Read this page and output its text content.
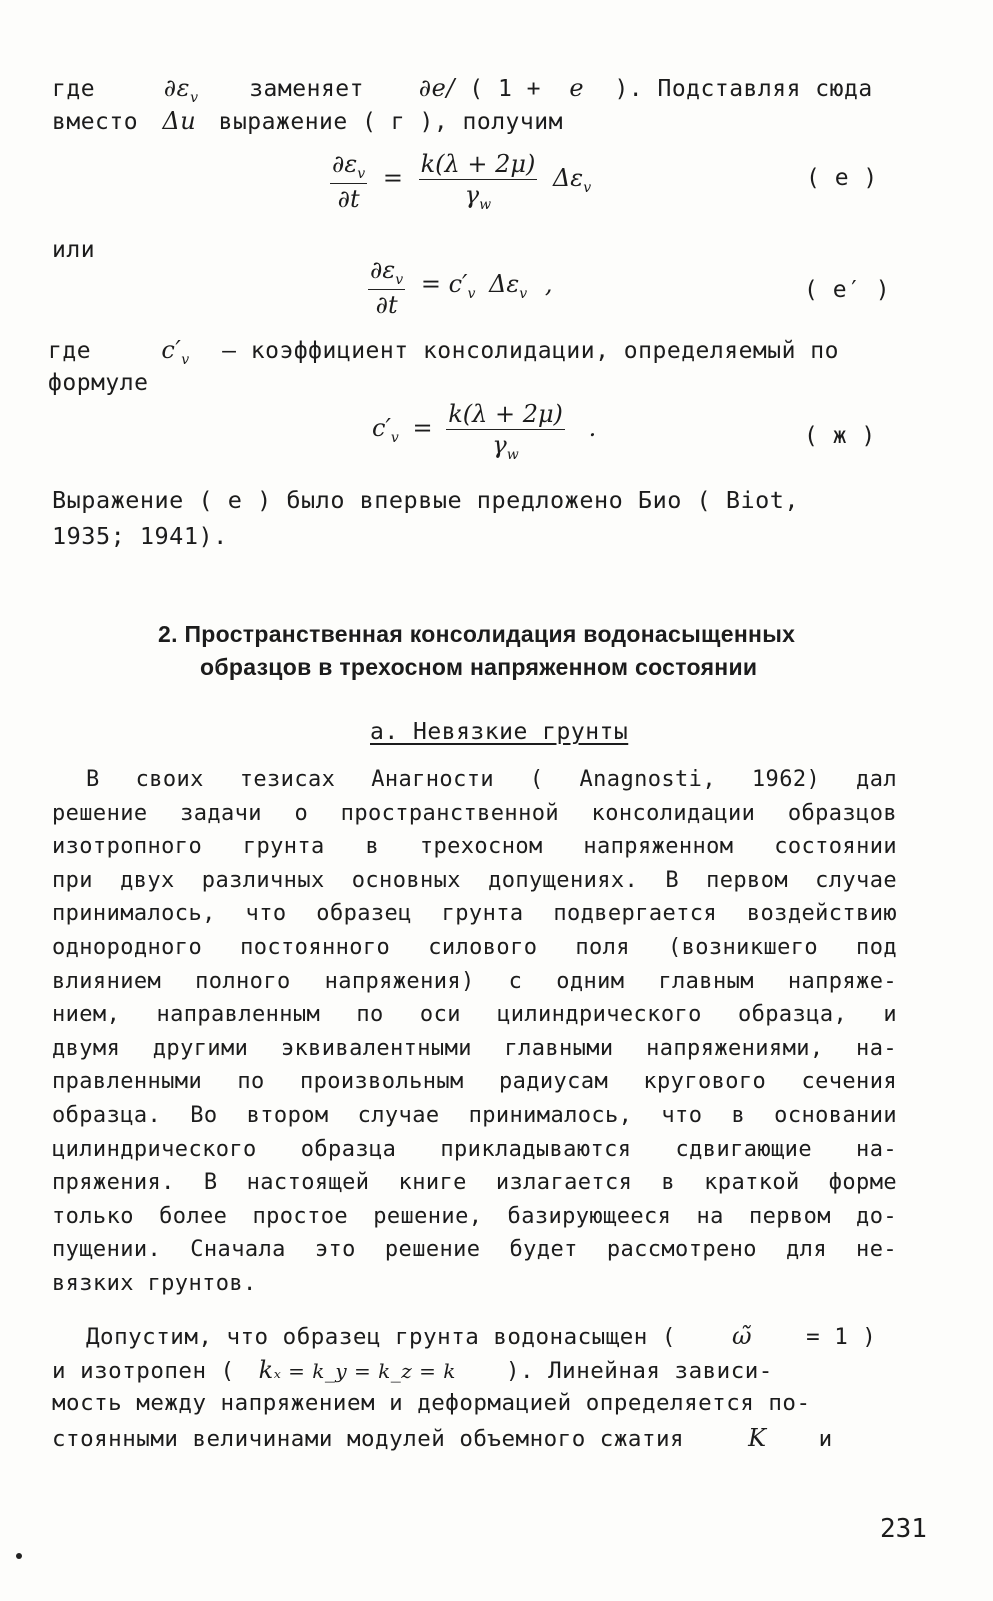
где	$\partial\varepsilon_v$ заменяет ∂e/ ( 1 + e ). Подставляя сюда
вместо Δu выражение ( г ), получим
$\frac{\partial\varepsilon_v}{\partial t} = \frac{k(\lambda + 2\mu)}{\gamma_w} \Delta\varepsilon_v$	( е )
или
$\frac{\partial\varepsilon_v}{\partial t} = c'_v$ $\Delta\varepsilon_v$ ,	( е′ )
где	$c'_v$ – коэффициент консолидации, определяемый по
формуле
$c'_v = \frac{k(\lambda + 2\mu)}{\gamma_w}$ .	( ж )
Выражение ( е ) было впервые предложено Био ( Biot,
1935; 1941).
2. Пространственная консолидация водонасыщенных
образцов в трехосном напряженном состоянии
а. Невязкие грунты
В своих тезисах Анагности ( Anagnosti, 1962) дал
решение задачи о пространственной консолидации образцов
изотропного грунта в трехосном напряженном состоянии
при двух различных основных допущениях. В первом случае
принималось, что образец грунта подвергается воздействию
однородного постоянного силового поля (возникшего под
влиянием полного напряжения) с одним главным напряже-
нием, направленным по оси цилиндрического образца, и
двумя другими эквивалентными главными напряжениями, на-
правленными по произвольным радиусам кругового сечения
образца. Во втором случае принималось, что в основании
цилиндрического образца прикладываются сдвигающие на-
пряжения. В настоящей книге излагается в краткой форме
только более простое решение, базирующееся на первом до-
пущении. Сначала это решение будет рассмотрено для не-
вязких грунтов.
Допустим, что образец грунта водонасыщен ( ω̃ = 1 )
и изотропен ( kₓ = k_y = k_z = k ). Линейная зависи-
мость между напряжением и деформацией определяется по-
стоянными величинами модулей объемного сжатия	K и
231
